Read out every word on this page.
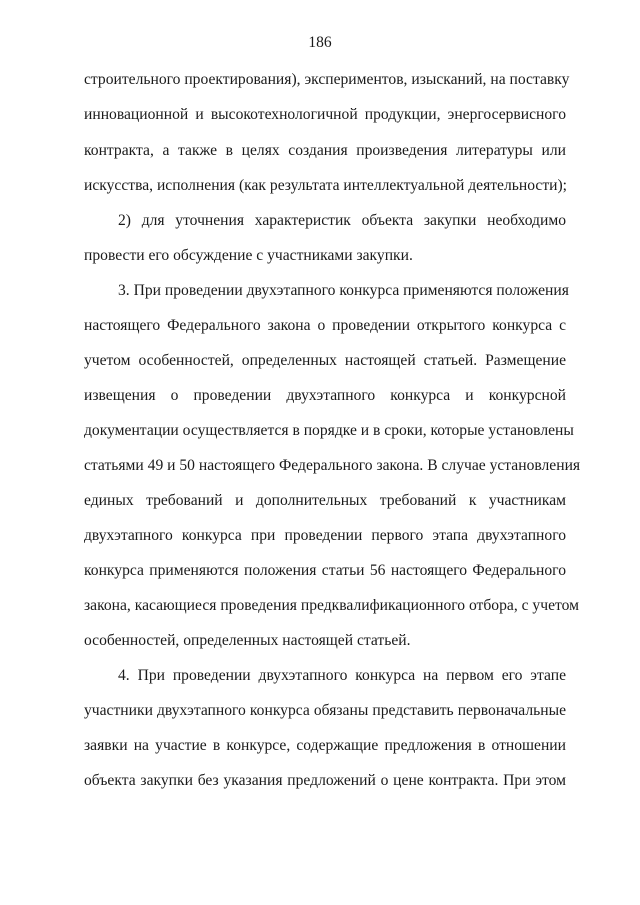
186
строительного проектирования), экспериментов, изысканий, на поставку
инновационной и высокотехнологичной продукции, энергосервисного
контракта, а также в целях создания произведения литературы или
искусства, исполнения (как результата интеллектуальной деятельности);
2) для уточнения характеристик объекта закупки необходимо
провести его обсуждение с участниками закупки.
3. При проведении двухэтапного конкурса применяются положения
настоящего Федерального закона о проведении открытого конкурса с
учетом особенностей, определенных настоящей статьей. Размещение
извещения о проведении двухэтапного конкурса и конкурсной
документации осуществляется в порядке и в сроки, которые установлены
статьями 49 и 50 настоящего Федерального закона. В случае установления
единых требований и дополнительных требований к участникам
двухэтапного конкурса при проведении первого этапа двухэтапного
конкурса применяются положения статьи 56 настоящего Федерального
закона, касающиеся проведения предквалификационного отбора, с учетом
особенностей, определенных настоящей статьей.
4. При проведении двухэтапного конкурса на первом его этапе
участники двухэтапного конкурса обязаны представить первоначальные
заявки на участие в конкурсе, содержащие предложения в отношении
объекта закупки без указания предложений о цене контракта. При этом
